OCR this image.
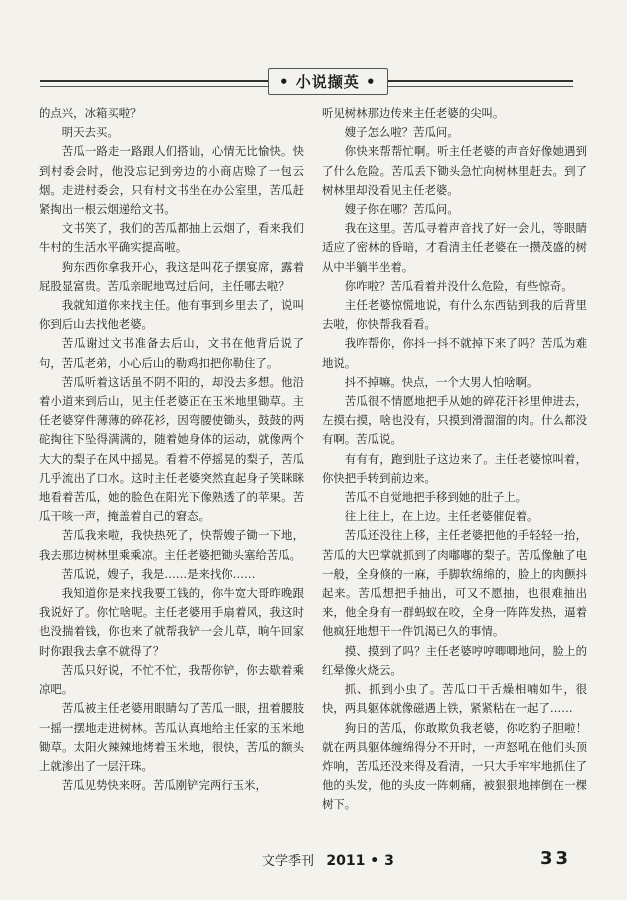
• 小说撷英 •

的点兴，冰箱买啦？

明天去买。

苦瓜一路走一路跟人们搭讪，心情无比愉快。快到村委会时，他没忘记到旁边的小商店赊了一包云烟。走进村委会，只有村文书坐在办公室里，苦瓜赶紧掏出一根云烟递给文书。

文书笑了，我们的苦瓜都抽上云烟了，看来我们牛村的生活水平确实提高啦。

狗东西你拿我开心，我这是叫花子摆宴席，露着屁股显富贵。苦瓜亲昵地骂过后问，主任哪去啦？

我就知道你来找主任。他有事到乡里去了，说叫你到后山去找他老婆。

苦瓜谢过文书准备去后山，文书在他背后说了句，苦瓜老弟，小心后山的勒鸡扣把你勒住了。

苦瓜听着这话虽不阴不阳的，却没去多想。他沿着小道来到后山，见主任老婆正在玉米地里锄草。主任老婆穿件薄薄的碎花衫，因弯腰使锄头，鼓鼓的两砣掏往下坠得满满的，随着她身体的运动，就像两个大大的梨子在风中摇晃。看着不停摇晃的梨子，苦瓜几乎流出了口水。这时主任老婆突然直起身子笑眯眯地看着苦瓜，她的脸色在阳光下像熟透了的苹果。苦瓜干咳一声，掩盖着自己的窘态。

苦瓜我来啦，我快热死了，快帮嫂子锄一下地，我去那边树林里乘乘凉。主任老婆把锄头塞给苦瓜。

苦瓜说，嫂子，我是……是来找你……

我知道你是来找我要工钱的，你牛宽大哥昨晚跟我说好了。你忙啥呢。主任老婆用手扇着风，我这时也没揣着钱，你也来了就帮我铲一会儿草，晌午回家时你跟我去拿不就得了？

苦瓜只好说，不忙不忙，我帮你铲，你去歇着乘凉吧。

苦瓜被主任老婆用眼睛勾了苦瓜一眼，扭着腰肢一摇一摆地走进树林。苦瓜认真地给主任家的玉米地锄草。太阳火辣辣地烤着玉米地，很快，苦瓜的额头上就渗出了一层汗珠。

苦瓜见势快来呀。苦瓜刚铲完两行玉米，

听见树林那边传来主任老婆的尖叫。

嫂子怎么啦？苦瓜问。

你快来帮帮忙啊。听主任老婆的声音好像她遇到了什么危险。苦瓜丢下锄头急忙向树林里赶去。到了树林里却没看见主任老婆。

嫂子你在哪？苦瓜问。

我在这里。苦瓜寻着声音找了好一会儿，等眼睛适应了密林的昏暗，才看清主任老婆在一攒茂盛的树从中半躺半坐着。

你咋啦？苦瓜看着并没什么危险，有些惊奇。

主任老婆惊慌地说，有什么东西钻到我的后背里去啦，你快帮我看看。

我咋帮你，你抖一抖不就掉下来了吗？苦瓜为难地说。

抖不掉嘛。快点，一个大男人怕啥啊。

苦瓜很不情愿地把手从她的碎花汗衫里伸进去，左摸右摸，啥也没有，只摸到滑溜溜的肉。什么都没有啊。苦瓜说。

有有有，跑到肚子这边来了。主任老婆惊叫着，你快把手转到前边来。

苦瓜不自觉地把手移到她的肚子上。

往上往上，在上边。主任老婆催促着。

苦瓜还没往上移，主任老婆把他的手轻轻一抬，苦瓜的大巴掌就抓到了肉嘟嘟的梨子。苦瓜像触了电一般，全身倏的一麻，手脚软绵绵的，脸上的肉颤抖起来。苦瓜想把手抽出，可又不愿抽，也很难抽出来，他全身有一群蚂蚁在咬，全身一阵阵发热，逼着他疯狂地想干一件饥渴已久的事情。

摸、摸到了吗？主任老婆哼哼唧唧地问，脸上的红晕像火烧云。

抓、抓到小虫了。苦瓜口干舌燥相喃如牛，很快，两具躯体就像磁遇上铁，紧紧粘在一起了……

狗日的苦瓜，你敢欺负我老婆，你吃豹子胆啦！就在两具躯体缠绵得分不开时，一声怒吼在他们头顶炸响，苦瓜还没来得及看清，一只大手牢牢地抓住了他的头发，他的头皮一阵刺痛，被狠狠地摔倒在一棵树下。

文学季刊 2011 • 3	33
